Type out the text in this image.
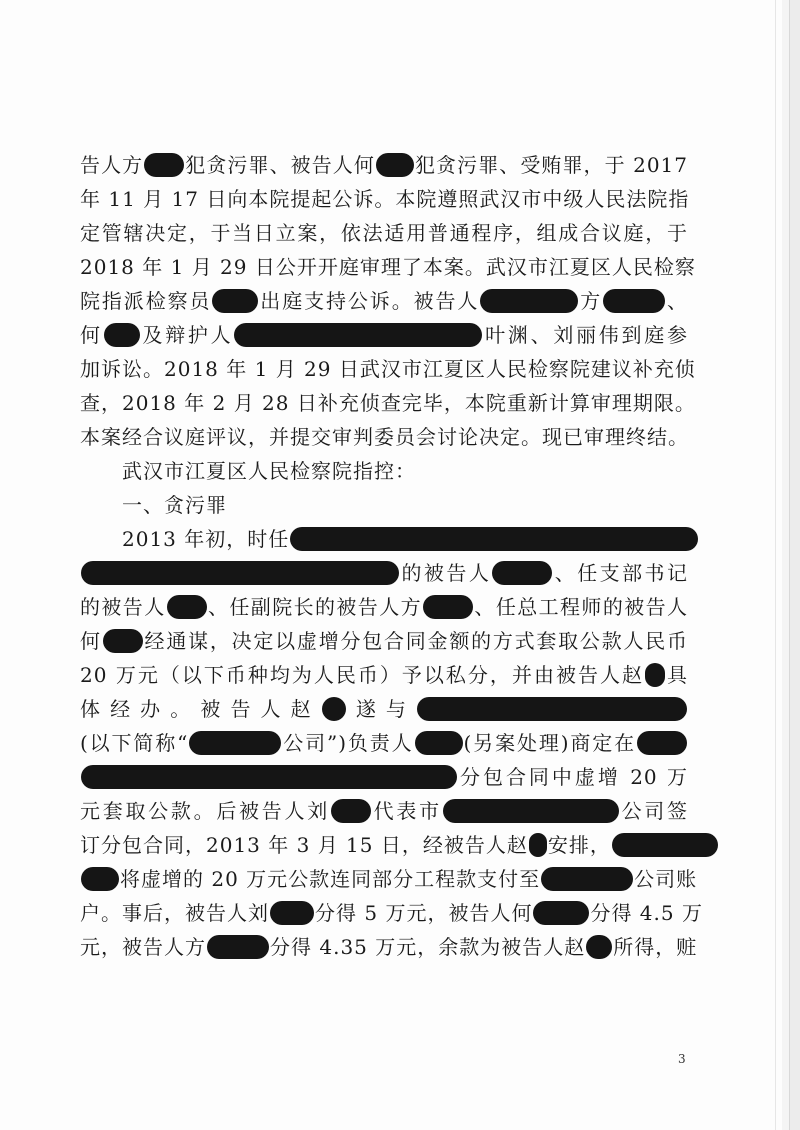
告人方 犯贪污罪、被告人何 犯贪污罪、受贿罪，于 2017
年 11 月 17 日向本院提起公诉。本院遵照武汉市中级人民法院指
定管辖决定，于当日立案，依法适用普通程序，组成合议庭，于
2018 年 1 月 29 日公开开庭审理了本案。武汉市江夏区人民检察
院指派检察员 出庭支持公诉。被告人	方	、
何 及辩护人	叶渊、刘丽伟到庭参
加诉讼。2018 年 1 月 29 日武汉市江夏区人民检察院建议补充侦
查，2018 年 2 月 28 日补充侦查完毕，本院重新计算审理期限。
本案经合议庭评议，并提交审判委员会讨论决定。现已审理终结。
武汉市江夏区人民检察院指控：
一、贪污罪
2013 年初，时任
的被告人	、任支部书记
的被告人 、任副院长的被告人方	、任总工程师的被告人
何 经通谋，决定以虚增分包合同金额的方式套取公款人民币
20 万元（以下币种均为人民币）予以私分，并由被告人赵 具
体经办。被告人赵 遂与
(以下简称“	公司”)负责人	(另案处理)商定在
分包合同中虚增 20 万
元套取公款。后被告人刘 代表市	公司签
订分包合同，2013 年 3 月 15 日，经被告人赵 安排，
将虚增的 20 万元公款连同部分工程款支付至	公司账
户。事后，被告人刘 分得 5 万元，被告人何	分得 4.5 万
元，被告人方	分得 4.35 万元，余款为被告人赵 所得，赃
3
